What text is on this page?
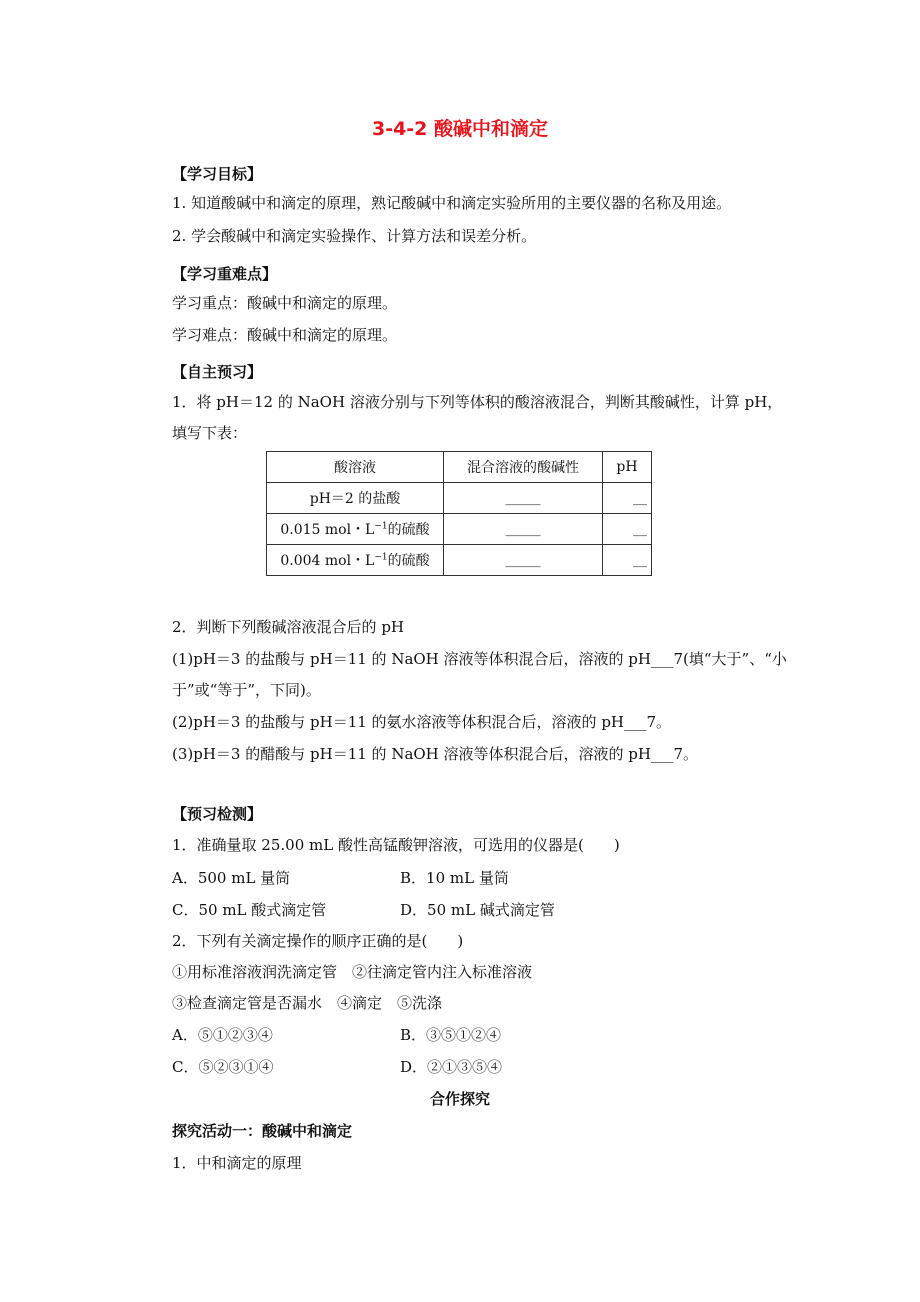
3-4-2 酸碱中和滴定
【学习目标】
1. 知道酸碱中和滴定的原理，熟记酸碱中和滴定实验所用的主要仪器的名称及用途。
2. 学会酸碱中和滴定实验操作、计算方法和误差分析。
【学习重难点】
学习重点：酸碱中和滴定的原理。
学习难点：酸碱中和滴定的原理。
【自主预习】
1．将 pH＝12 的 NaOH 溶液分别与下列等体积的酸溶液混合，判断其酸碱性，计算 pH，
填写下表：
酸溶液	混合溶液的酸碱性	pH
pH＝2 的盐酸	_____	__
0.015 mol・$L^{-1}$的硫酸	_____	__
0.004 mol・$L^{-1}$的硫酸	_____	__
2．判断下列酸碱溶液混合后的 pH
(1)pH＝3 的盐酸与 pH＝11 的 NaOH 溶液等体积混合后，溶液的 pH___7(填“大于”、“小
于”或“等于”，下同)。
(2)pH＝3 的盐酸与 pH＝11 的氨水溶液等体积混合后，溶液的 pH___7。
(3)pH＝3 的醋酸与 pH＝11 的 NaOH 溶液等体积混合后，溶液的 pH___7。
【预习检测】
1．准确量取 25.00 mL 酸性高锰酸钾溶液，可选用的仪器是(　　)
A．500 mL 量筒	B．10 mL 量筒
C．50 mL 酸式滴定管	D．50 mL 碱式滴定管
2．下列有关滴定操作的顺序正确的是(　　)
①用标准溶液润洗滴定管　②往滴定管内注入标准溶液
③检查滴定管是否漏水　④滴定　⑤洗涤
A．⑤①②③④	B．③⑤①②④
C．⑤②③①④	D．②①③⑤④
合作探究
探究活动一：酸碱中和滴定
1．中和滴定的原理
